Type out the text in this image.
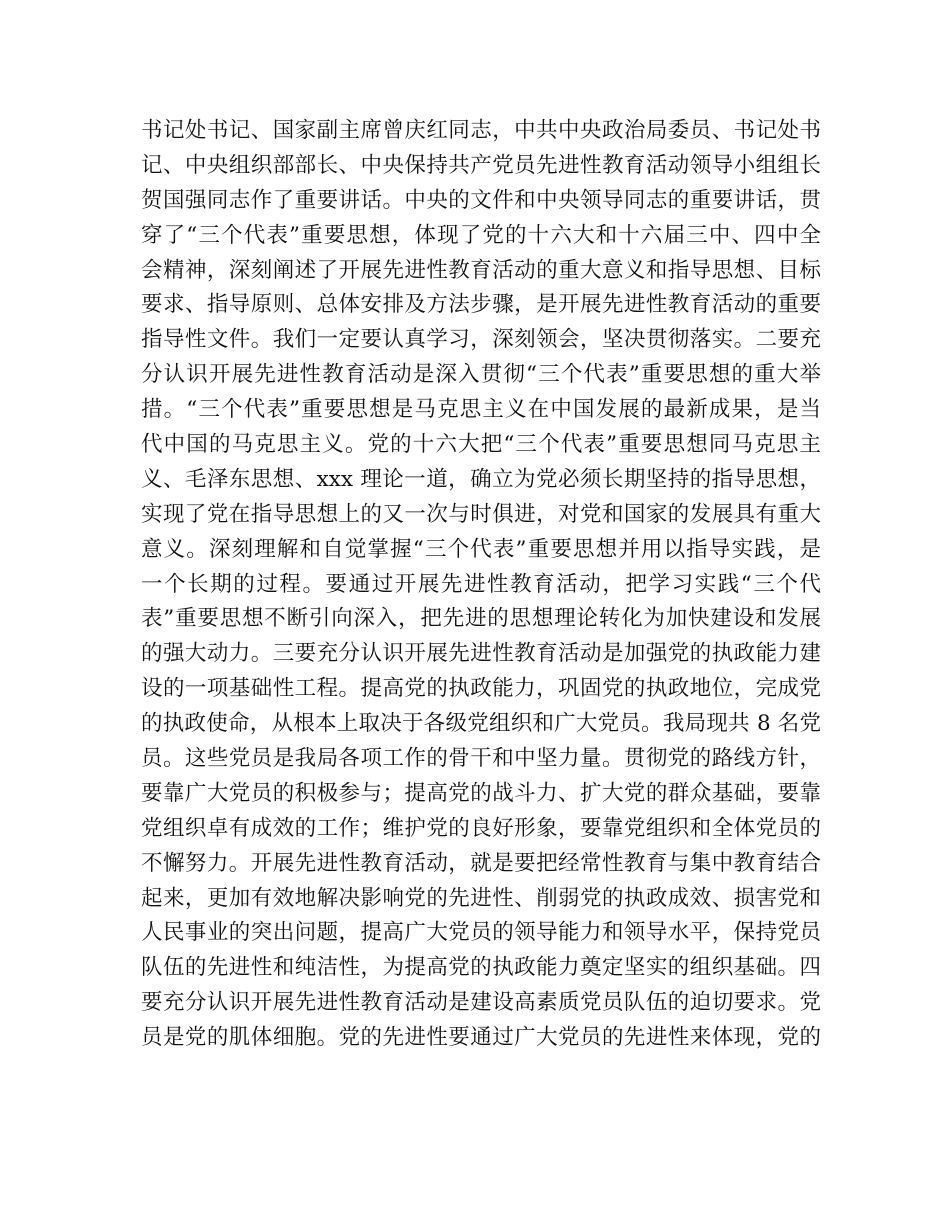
书记处书记、国家副主席曾庆红同志，中共中央政治局委员、书记处书
记、中央组织部部长、中央保持共产党员先进性教育活动领导小组组长
贺国强同志作了重要讲话。中央的文件和中央领导同志的重要讲话，贯
穿了“三个代表”重要思想，体现了党的十六大和十六届三中、四中全
会精神，深刻阐述了开展先进性教育活动的重大意义和指导思想、目标
要求、指导原则、总体安排及方法步骤，是开展先进性教育活动的重要
指导性文件。我们一定要认真学习，深刻领会，坚决贯彻落实。二要充
分认识开展先进性教育活动是深入贯彻“三个代表”重要思想的重大举
措。“三个代表”重要思想是马克思主义在中国发展的最新成果，是当
代中国的马克思主义。党的十六大把“三个代表”重要思想同马克思主
义、毛泽东思想、xxx 理论一道，确立为党必须长期坚持的指导思想，
实现了党在指导思想上的又一次与时俱进，对党和国家的发展具有重大
意义。深刻理解和自觉掌握“三个代表”重要思想并用以指导实践，是
一个长期的过程。要通过开展先进性教育活动，把学习实践“三个代
表”重要思想不断引向深入，把先进的思想理论转化为加快建设和发展
的强大动力。三要充分认识开展先进性教育活动是加强党的执政能力建
设的一项基础性工程。提高党的执政能力，巩固党的执政地位，完成党
的执政使命，从根本上取决于各级党组织和广大党员。我局现共 8 名党
员。这些党员是我局各项工作的骨干和中坚力量。贯彻党的路线方针，
要靠广大党员的积极参与；提高党的战斗力、扩大党的群众基础，要靠
党组织卓有成效的工作；维护党的良好形象，要靠党组织和全体党员的
不懈努力。开展先进性教育活动，就是要把经常性教育与集中教育结合
起来，更加有效地解决影响党的先进性、削弱党的执政成效、损害党和
人民事业的突出问题，提高广大党员的领导能力和领导水平，保持党员
队伍的先进性和纯洁性，为提高党的执政能力奠定坚实的组织基础。四
要充分认识开展先进性教育活动是建设高素质党员队伍的迫切要求。党
员是党的肌体细胞。党的先进性要通过广大党员的先进性来体现，党的
